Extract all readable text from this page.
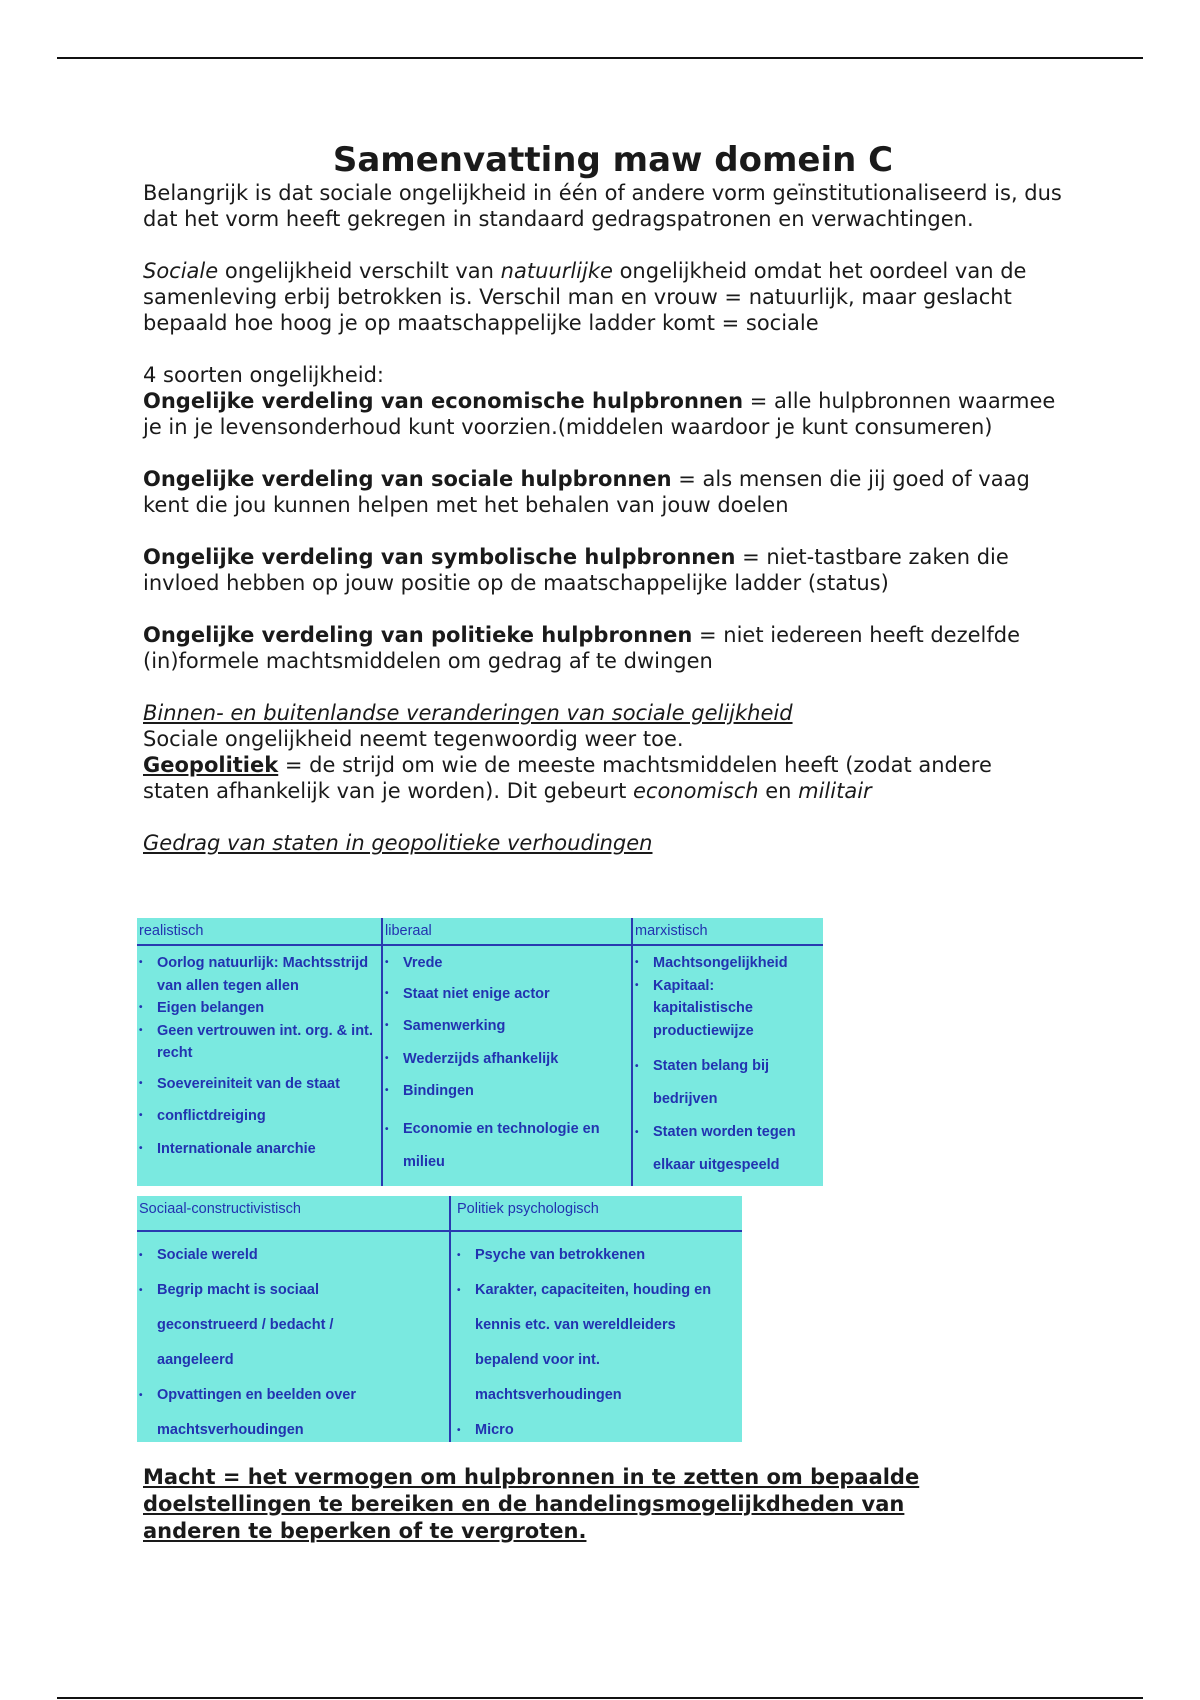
Samenvatting maw domein C

Belangrijk is dat sociale ongelijkheid in één of andere vorm geïnstitutionaliseerd is, dus dat het vorm heeft gekregen in standaard gedragspatronen en verwachtingen.

Sociale ongelijkheid verschilt van natuurlijke ongelijkheid omdat het oordeel van de samenleving erbij betrokken is. Verschil man en vrouw = natuurlijk, maar geslacht bepaald hoe hoog je op maatschappelijke ladder komt = sociale

4 soorten ongelijkheid:

Ongelijke verdeling van economische hulpbronnen = alle hulpbronnen waarmee je in je levensonderhoud kunt voorzien.(middelen waardoor je kunt consumeren)

Ongelijke verdeling van sociale hulpbronnen = als mensen die jij goed of vaag kent die jou kunnen helpen met het behalen van jouw doelen

Ongelijke verdeling van symbolische hulpbronnen = niet-tastbare zaken die invloed hebben op jouw positie op de maatschappelijke ladder (status)

Ongelijke verdeling van politieke hulpbronnen = niet iedereen heeft dezelfde (in)formele machtsmiddelen om gedrag af te dwingen

Binnen- en buitenlandse veranderingen van sociale gelijkheid

Sociale ongelijkheid neemt tegenwoordig weer toe.

Geopolitiek = de strijd om wie de meeste machtsmiddelen heeft (zodat andere staten afhankelijk van je worden). Dit gebeurt economisch en militair

Gedrag van staten in geopolitieke verhoudingen

realistisch
• Oorlog natuurlijk: Machtsstrijd van allen tegen allen
• Eigen belangen
• Geen vertrouwen int. org. & int. recht
• Soevereiniteit van de staat
• conflictdreiging
• Internationale anarchie
liberaal
• Vrede
• Staat niet enige actor
• Samenwerking
• Wederzijds afhankelijk
• Bindingen
• Economie en technologie en milieu
marxistisch
• Machtsongelijkheid
• Kapitaal: kapitalistische productiewijze
• Staten belang bij bedrijven
• Staten worden tegen elkaar uitgespeeld
Sociaal-constructivistisch
• Sociale wereld
• Begrip macht is sociaal geconstrueerd / bedacht / aangeleerd
• Opvattingen en beelden over machtsverhoudingen
Politiek psychologisch
• Psyche van betrokkenen
• Karakter, capaciteiten, houding en kennis etc. van wereldleiders bepalend voor int. machtsverhoudingen
• Micro

Macht = het vermogen om hulpbronnen in te zetten om bepaalde doelstellingen te bereiken en de handelingsmogelijkdheden van anderen te beperken of te vergroten.
